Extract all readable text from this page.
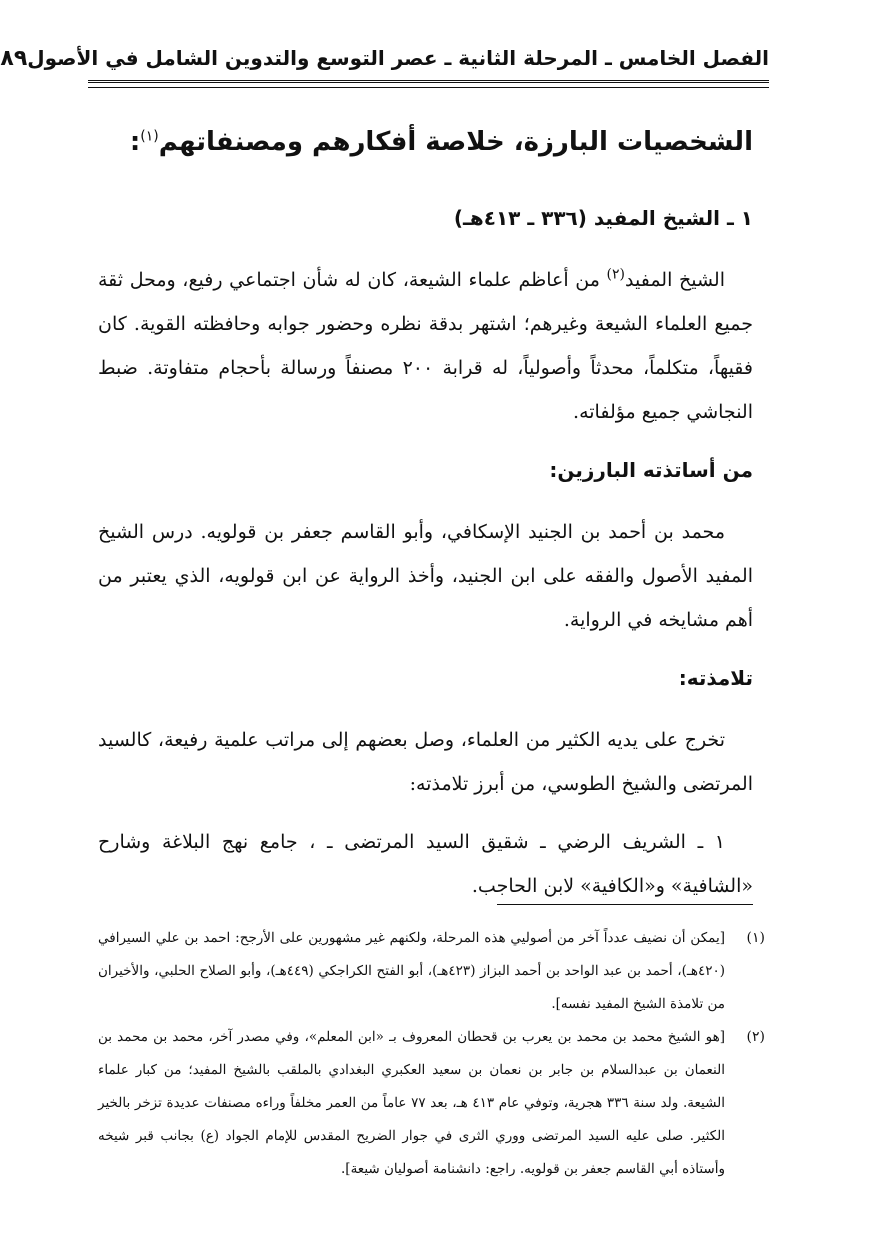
الفصل الخامس ـ المرحلة الثانية ـ عصر التوسع والتدوين الشامل في الأصول
٨٩
الشخصيات البارزة، خلاصة أفكارهم ومصنفاتهم$^{(١)}$:
١ ـ الشيخ المفيد (٣٣٦ ـ ٤١٣هـ)

الشيخ المفيد$^{(٢)}$ من أعاظم علماء الشيعة، كان له شأن اجتماعي رفيع، ومحل ثقة جميع العلماء الشيعة وغيرهم؛ اشتهر بدقة نظره وحضور جوابه وحافظته القوية. كان فقيهاً، متكلماً، محدثاً وأصولياً، له قرابة ٢٠٠ مصنفاً ورسالة بأحجام متفاوتة. ضبط النجاشي جميع مؤلفاته.

من أساتذته البارزين:

محمد بن أحمد بن الجنيد الإسكافي، وأبو القاسم جعفر بن قولويه. درس الشيخ المفيد الأصول والفقه على ابن الجنيد، وأخذ الرواية عن ابن قولويه، الذي يعتبر من أهم مشايخه في الرواية.

تلامذته:

تخرج على يديه الكثير من العلماء، وصل بعضهم إلى مراتب علمية رفيعة، كالسيد المرتضى والشيخ الطوسي، من أبرز تلامذته:

١ ـ الشريف الرضي ـ شقيق السيد المرتضى ـ ، جامع نهج البلاغة وشارح «الشافية» و«الكافية» لابن الحاجب.

(١)
[يمكن أن نضيف عدداً آخر من أصوليي هذه المرحلة، ولكنهم غير مشهورين على الأرجح: احمد بن علي السيرافي (٤٢٠هـ)، أحمد بن عبد الواحد بن أحمد البزاز (٤٢٣هـ)، أبو الفتح الكراجكي (٤٤٩هـ)، وأبو الصلاح الحلبي، والأخيران من تلامذة الشيخ المفيد نفسه].
(٢)
[هو الشيخ محمد بن محمد بن يعرب بن قحطان المعروف بـ «ابن المعلم»، وفي مصدر آخر، محمد بن محمد بن النعمان بن عبدالسلام بن جابر بن نعمان بن سعيد العكبري البغدادي بالملقب بالشيخ المفيد؛ من كبار علماء الشيعة. ولد سنة ٣٣٦ هجرية، وتوفي عام ٤١٣ هـ، بعد ٧٧ عاماً من العمر مخلفاً وراءه مصنفات عديدة تزخر بالخير الكثير. صلى عليه السيد المرتضى ووري الثرى في جوار الضريح المقدس للإمام الجواد (ع) بجانب قبر شيخه وأستاذه أبي القاسم جعفر بن قولويه. راجع: دانشنامة أصوليان شيعة].
